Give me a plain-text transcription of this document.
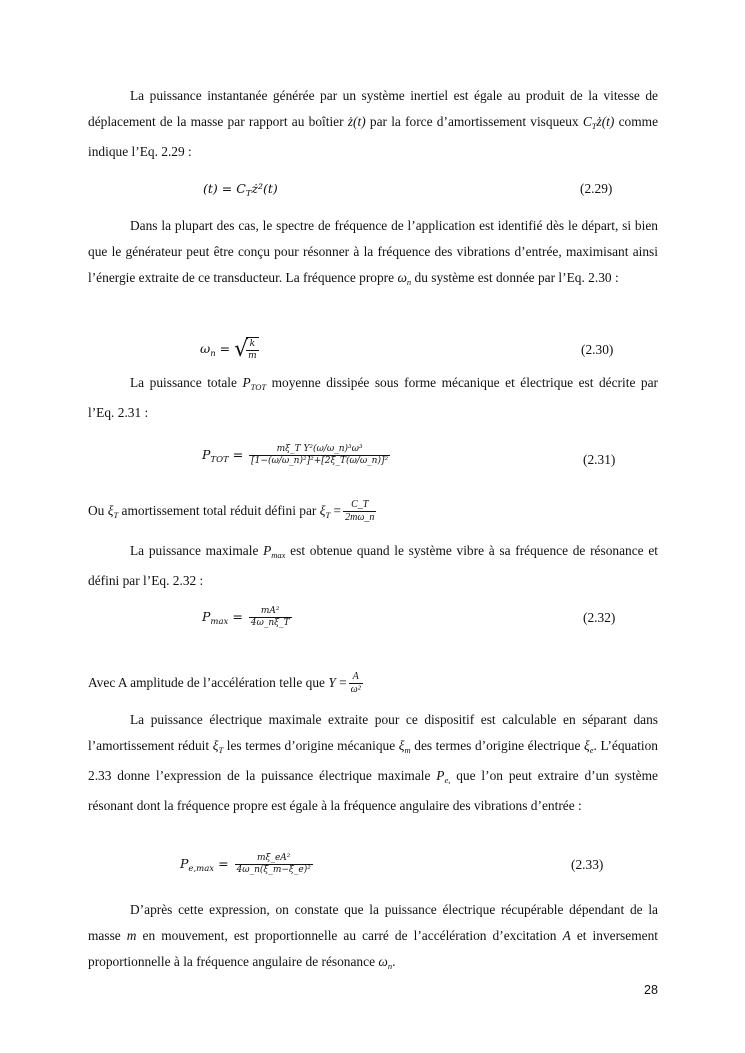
La puissance instantanée générée par un système inertiel est égale au produit de la vitesse de déplacement de la masse par rapport au boîtier ż(t) par la force d’amortissement visqueux $C_Tż(t)$ comme indique l’Eq. 2.29 :
$(t) = C_Tż^2(t)$	(2.29)
Dans la plupart des cas, le spectre de fréquence de l’application est identifié dès le départ, si bien que le générateur peut être conçu pour résonner à la fréquence des vibrations d’entrée, maximisant ainsi l’énergie extraite de ce transducteur. La fréquence propre $\omega_n$ du système est donnée par l’Eq. 2.30 :
$\omega_n$ = √
$\frac{k}{m}$	(2.30)
La puissance totale $P_{TOT}$ moyenne dissipée sous forme mécanique et électrique est décrite par l’Eq. 2.31 :
$P_{TOT} = \frac{\text{mξ\_T Y²(ω/ω\_n)³ω³}}{\text{[1−(ω/ω\_n)²]²+[2ξ\_T(ω/ω\_n)]²}}$	(2.31)
Ou $\xi_T$ amortissement total réduit défini par $\xi_T = \frac{C\_T}{2m\omega\_n}$
La puissance maximale $P_{max}$ est obtenue quand le système vibre à sa fréquence de résonance et défini par l’Eq. 2.32 :
$P_{max} = \frac{\text{mA²}}{4\omega\_n\xi\_T}$	(2.32)
Avec A amplitude de l’accélération telle que $Y = \frac{A}{\text{ω²}}$
La puissance électrique maximale extraite pour ce dispositif est calculable en séparant dans l’amortissement réduit $\xi_T$ les termes d’origine mécanique $\xi_m$ des termes d’origine électrique $\xi_e$. L’équation 2.33 donne l’expression de la puissance électrique maximale $P_{e,}$ que l’on peut extraire d’un système résonant dont la fréquence propre est égale à la fréquence angulaire des vibrations d’entrée :
$P_{e,max} = \frac{\text{mξ\_eA²}}{\text{4ω\_n(ξ\_m−ξ\_e)²}}$	(2.33)
D’après cette expression, on constate que la puissance électrique récupérable dépendant de la masse m en mouvement, est proportionnelle au carré de l’accélération d’excitation A et inversement proportionnelle à la fréquence angulaire de résonance $\omega_n$.
28
